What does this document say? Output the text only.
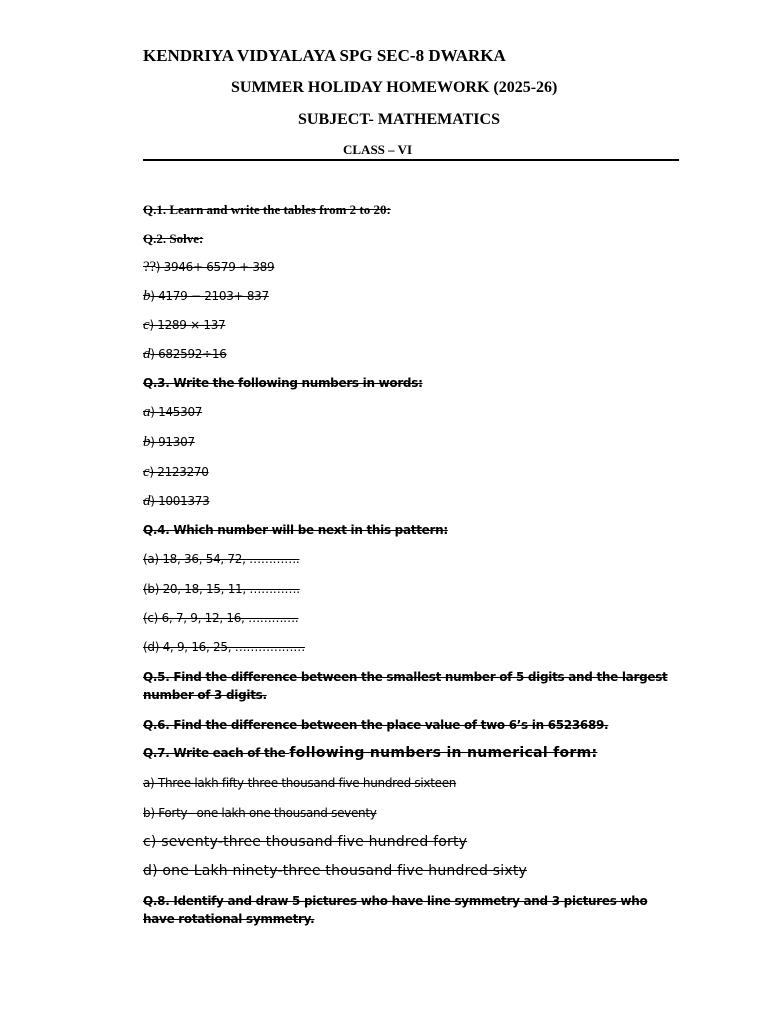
KENDRIYA VIDYALAYA SPG SEC-8 DWARKA
SUMMER HOLIDAY HOMEWORK (2025-26)
SUBJECT- MATHEMATICS
CLASS – VI
Q.1. Learn and write the tables from 2 to 20:
Q.2. Solve:
??) 3946+ 6579 + 389
b) 4179 − 2103+ 837
c) 1289 × 137
d) 682592÷16
Q.3. Write the following numbers in words:
a) 145307
b) 91307
c) 2123270
d) 1001373
Q.4. Which number will be next in this pattern:
(a) 18, 36, 54, 72, ………….
(b) 20, 18, 15, 11, ………….
(c) 6, 7, 9, 12, 16, ………….
(d) 4, 9, 16, 25, ………………
Q.5. Find the difference between the smallest number of 5 digits and the largest number of 3 digits.
Q.6. Find the difference between the place value of two 6’s in 6523689.
Q.7. Write each of the following numbers in numerical form:
a) Three lakh fifty-three thousand five hundred sixteen
b) Forty –one lakh one thousand seventy
c) seventy-three thousand five hundred forty
d) one Lakh ninety-three thousand five hundred sixty
Q.8. Identify and draw 5 pictures who have line symmetry and 3 pictures who have rotational symmetry.
